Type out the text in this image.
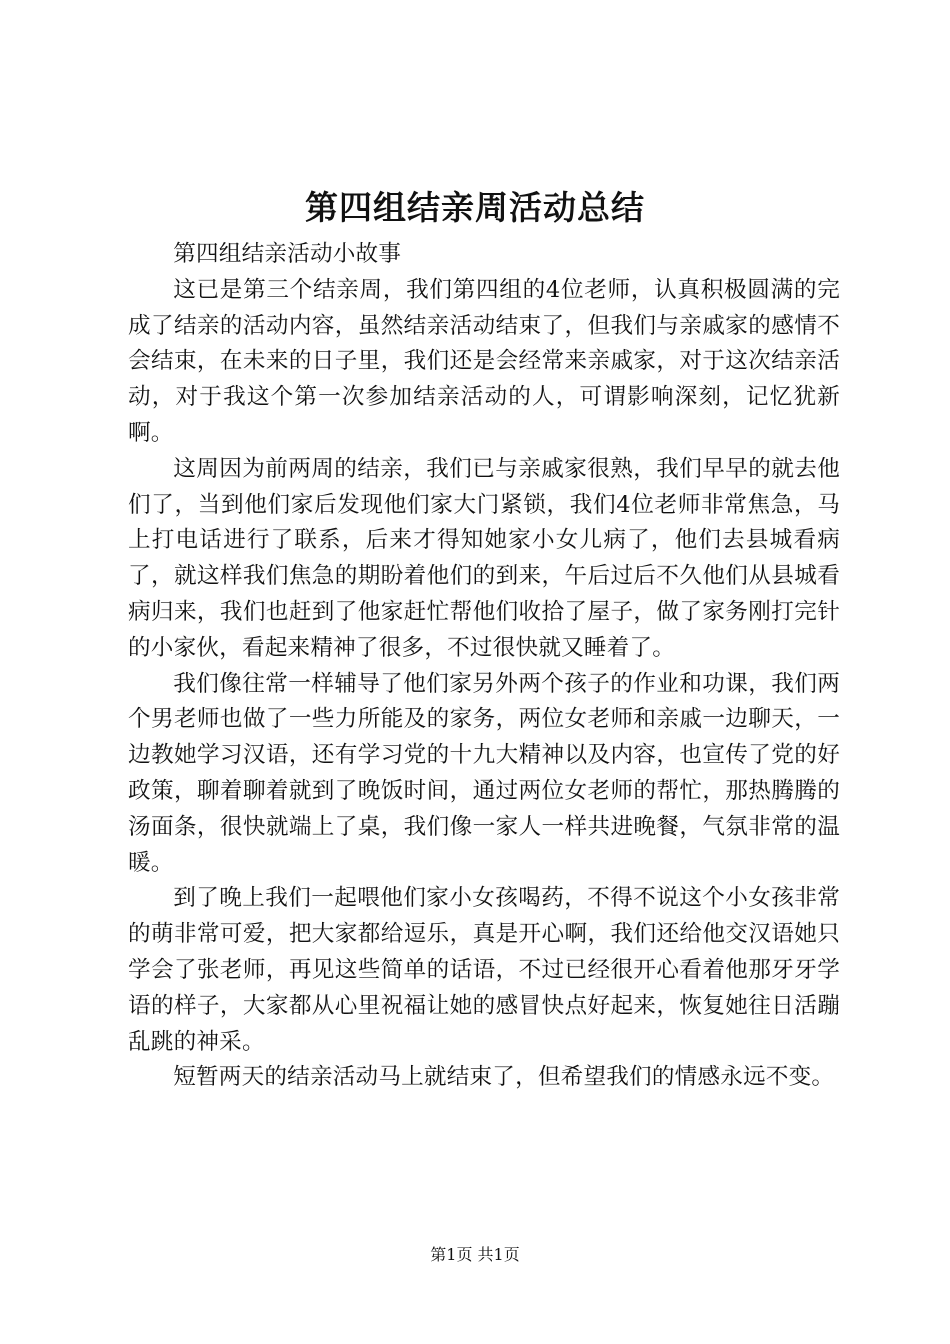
第四组结亲周活动总结

第四组结亲活动小故事

这已是第三个结亲周，我们第四组的4位老师，认真积极圆满的完成了结亲的活动内容，虽然结亲活动结束了，但我们与亲戚家的感情不会结束，在未来的日子里，我们还是会经常来亲戚家，对于这次结亲活动，对于我这个第一次参加结亲活动的人，可谓影响深刻，记忆犹新啊。

这周因为前两周的结亲，我们已与亲戚家很熟，我们早早的就去他们了，当到他们家后发现他们家大门紧锁，我们4位老师非常焦急，马上打电话进行了联系，后来才得知她家小女儿病了，他们去县城看病了，就这样我们焦急的期盼着他们的到来，午后过后不久他们从县城看病归来，我们也赶到了他家赶忙帮他们收拾了屋子，做了家务刚打完针的小家伙，看起来精神了很多，不过很快就又睡着了。

我们像往常一样辅导了他们家另外两个孩子的作业和功课，我们两个男老师也做了一些力所能及的家务，两位女老师和亲戚一边聊天，一边教她学习汉语，还有学习党的十九大精神以及内容，也宣传了党的好政策，聊着聊着就到了晚饭时间，通过两位女老师的帮忙，那热腾腾的汤面条，很快就端上了桌，我们像一家人一样共进晚餐，气氛非常的温暖。

到了晚上我们一起喂他们家小女孩喝药，不得不说这个小女孩非常的萌非常可爱，把大家都给逗乐，真是开心啊，我们还给他交汉语她只学会了张老师，再见这些简单的话语，不过已经很开心看着他那牙牙学语的样子，大家都从心里祝福让她的感冒快点好起来，恢复她往日活蹦乱跳的神采。

短暂两天的结亲活动马上就结束了，但希望我们的情感永远不变。

第1页 共1页
